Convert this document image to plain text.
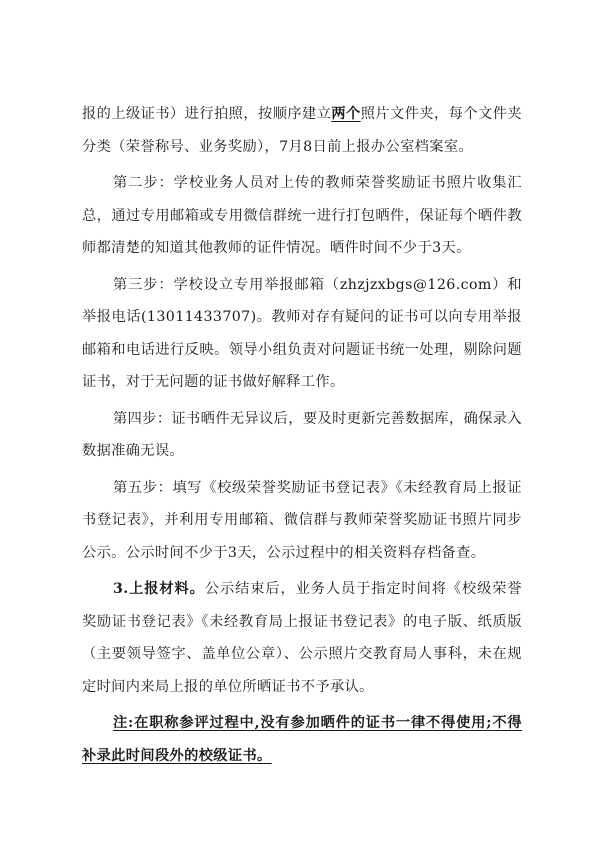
报的上级证书）进行拍照，按顺序建立两个照片文件夹，每个文件夹分类（荣誉称号、业务奖励），7月8日前上报办公室档案室。

第二步：学校业务人员对上传的教师荣誉奖励证书照片收集汇总，通过专用邮箱或专用微信群统一进行打包晒件，保证每个晒件教师都清楚的知道其他教师的证件情况。晒件时间不少于3天。

第三步：学校设立专用举报邮箱（zhzjzxbgs@126.com）和举报电话(13011433707)。教师对存有疑问的证书可以向专用举报邮箱和电话进行反映。领导小组负责对问题证书统一处理，剔除问题证书，对于无问题的证书做好解释工作。

第四步：证书晒件无异议后，要及时更新完善数据库，确保录入数据准确无误。

第五步：填写《校级荣誉奖励证书登记表》《未经教育局上报证书登记表》，并利用专用邮箱、微信群与教师荣誉奖励证书照片同步公示。公示时间不少于3天，公示过程中的相关资料存档备查。

3.上报材料。公示结束后，业务人员于指定时间将《校级荣誉奖励证书登记表》《未经教育局上报证书登记表》的电子版、纸质版（主要领导签字、盖单位公章）、公示照片交教育局人事科，未在规定时间内来局上报的单位所晒证书不予承认。

注:在职称参评过程中,没有参加晒件的证书一律不得使用;不得补录此时间段外的校级证书。
